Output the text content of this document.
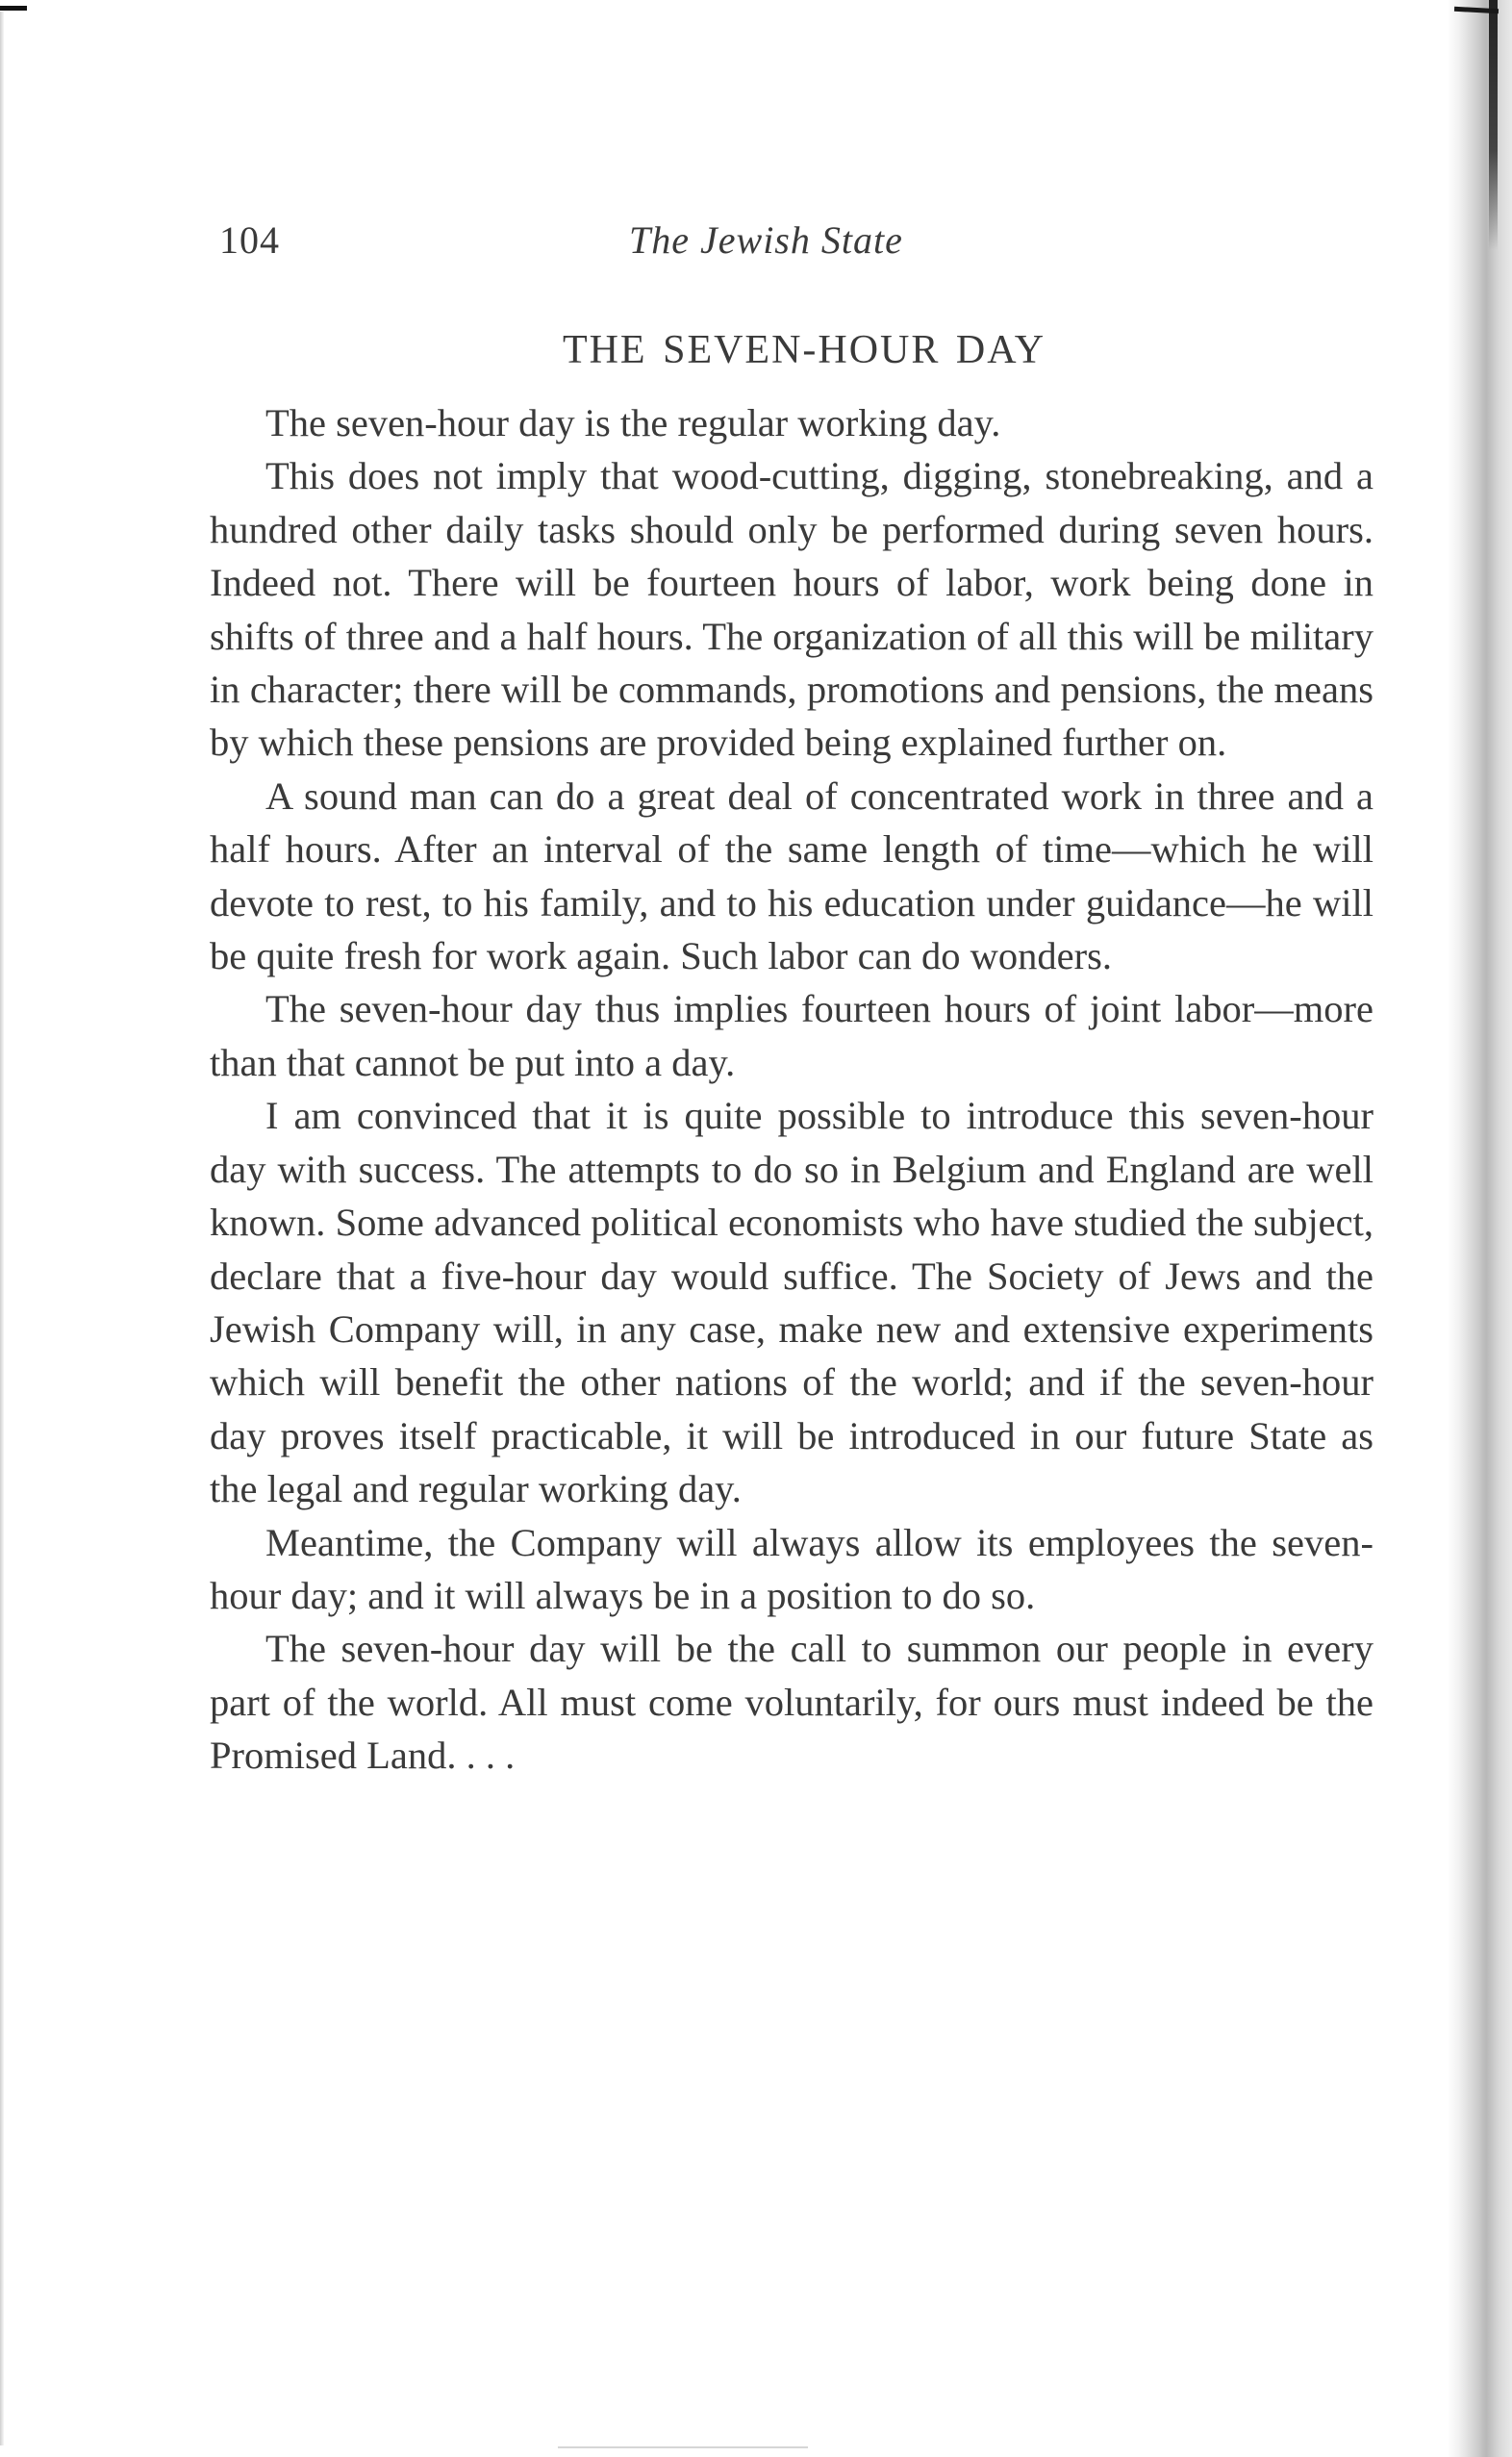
104	The Jewish State
THE SEVEN-HOUR DAY

The seven-hour day is the regular working day.

This does not imply that wood-cutting, digging, stonebreaking, and a hundred other daily tasks should only be performed during seven hours. Indeed not. There will be fourteen hours of labor, work being done in shifts of three and a half hours. The organization of all this will be military in character; there will be commands, promotions and pensions, the means by which these pensions are provided being explained further on.

A sound man can do a great deal of concentrated work in three and a half hours. After an interval of the same length of time—which he will devote to rest, to his family, and to his education under guidance—he will be quite fresh for work again. Such labor can do wonders.

The seven-hour day thus implies fourteen hours of joint labor—more than that cannot be put into a day.

I am convinced that it is quite possible to introduce this seven-hour day with success. The attempts to do so in Belgium and England are well known. Some advanced political economists who have studied the subject, declare that a five-hour day would suffice. The Society of Jews and the Jewish Company will, in any case, make new and extensive experiments which will benefit the other nations of the world; and if the seven-hour day proves itself practicable, it will be introduced in our future State as the legal and regular working day.

Meantime, the Company will always allow its employees the seven-hour day; and it will always be in a position to do so.

The seven-hour day will be the call to summon our people in every part of the world. All must come voluntarily, for ours must indeed be the Promised Land. . . .
